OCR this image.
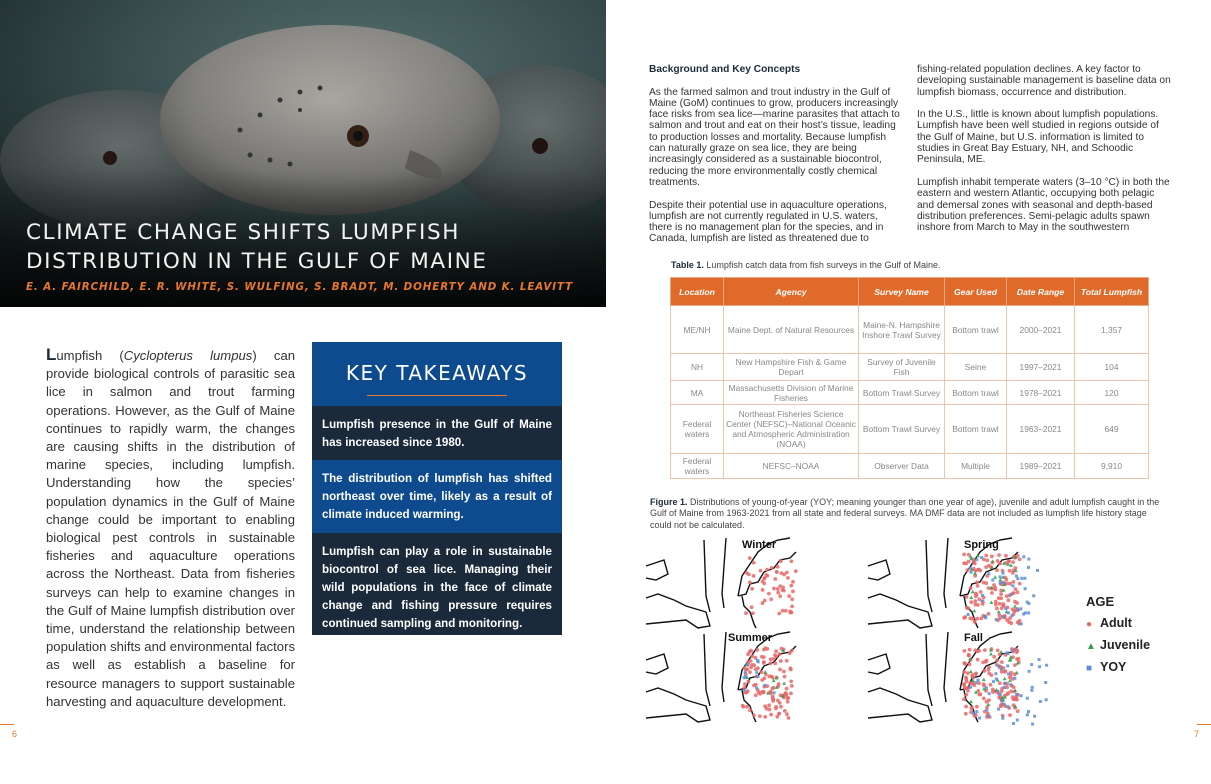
CLIMATE CHANGE SHIFTS LUMPFISH
DISTRIBUTION IN THE GULF OF MAINE
E. A. FAIRCHILD, E. R. WHITE, S. WULFING, S. BRADT, M. DOHERTY AND K. LEAVITT
Lumpfish (Cyclopterus lumpus) can provide biological controls of parasitic sea lice in salmon and trout farming operations. However, as the Gulf of Maine continues to rapidly warm, the changes are causing shifts in the distribution of marine species, including lumpfish. Understanding how the species’ population dynamics in the Gulf of Maine change could be important to enabling biological pest controls in sustainable fisheries and aquaculture operations across the Northeast. Data from fisheries surveys can help to examine changes in the Gulf of Maine lumpfish distribution over time, understand the relationship between population shifts and environmental factors as well as establish a baseline for resource managers to support sustainable harvesting and aquaculture development.
KEY TAKEAWAYS
Lumpfish presence in the Gulf of Maine has increased since 1980.
The distribution of lumpfish has shifted northeast over time, likely as a result of climate induced warming.
Lumpfish can play a role in sustainable biocontrol of sea lice. Managing their wild populations in the face of climate change and fishing pressure requires continued sampling and monitoring.
6

Background and Key Concepts

As the farmed salmon and trout industry in the Gulf of Maine (GoM) continues to grow, producers increasingly face risks from sea lice—marine parasites that attach to salmon and trout and eat on their host’s tissue, leading to production losses and mortality. Because lumpfish can naturally graze on sea lice, they are being increasingly considered as a sustainable biocontrol, reducing the more environmentally costly chemical treatments.

Despite their potential use in aquaculture operations, lumpfish are not currently regulated in U.S. waters, there is no management plan for the species, and in Canada, lumpfish are listed as threatened due to

fishing-related population declines. A key factor to developing sustainable management is baseline data on lumpfish biomass, occurrence and distribution.

In the U.S., little is known about lumpfish populations. Lumpfish have been well studied in regions outside of the Gulf of Maine, but U.S. information is limited to studies in Great Bay Estuary, NH, and Schoodic Peninsula, ME.

Lumpfish inhabit temperate waters (3–10 °C) in both the eastern and western Atlantic, occupying both pelagic and demersal zones with seasonal and depth-based distribution preferences. Semi-pelagic adults spawn inshore from March to May in the southwestern

Table 1. Lumpfish catch data from fish surveys in the Gulf of Maine.
Location	Agency	Survey Name	Gear Used	Date Range	Total Lumpfish
ME/NH	Maine Dept. of Natural Resources	Maine-N. Hampshire Inshore Trawl Survey	Bottom trawl	2000–2021	1,357
NH	New Hampshire Fish & Game Depart	Survey of Juvenile Fish	Seine	1997–2021	104
MA	Massachusetts Division of Marine Fisheries	Bottom Trawl Survey	Bottom trawl	1978–2021	120
Federal waters	Northeast Fisheries Science Center (NEFSC)–National Oceanic and Atmospheric Administration (NOAA)	Bottom Trawl Survey	Bottom trawl	1963–2021	649
Federal waters	NEFSC–NOAA	Observer Data	Multiple	1989–2021	9,910
Figure 1. Distributions of young-of-year (YOY; meaning younger than one year of age), juvenile and adult lumpfish caught in the Gulf of Maine from 1963-2021 from all state and federal surveys. MA DMF data are not included as lumpfish life history stage could not be calculated.
Winter	Spring
Summer	Fall
AGE
● Adult
▲ Juvenile
■ YOY
7
